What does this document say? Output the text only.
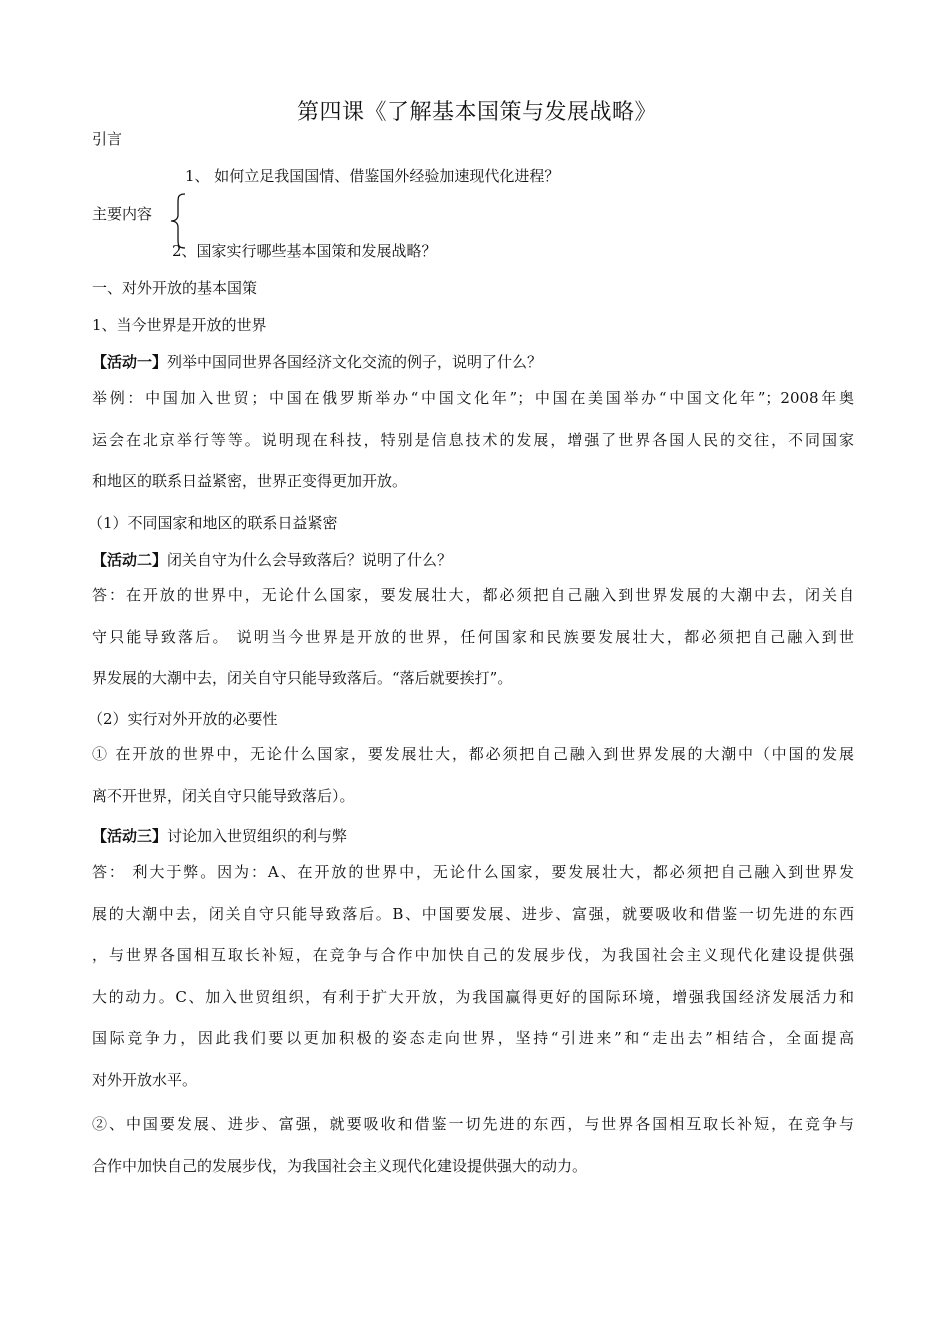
第四课《了解基本国策与发展战略》
引言
1、 如何立足我国国情、借鉴国外经验加速现代化进程？
主要内容
2、国家实行哪些基本国策和发展战略？
一、对外开放的基本国策
1、当今世界是开放的世界
【活动一】列举中国同世界各国经济文化交流的例子，说明了什么？
举例：中国加入世贸；中国在俄罗斯举办“中国文化年”；中国在美国举办“中国文化年”；2008年奥
运会在北京举行等等。说明现在科技，特别是信息技术的发展，增强了世界各国人民的交往，不同国家
和地区的联系日益紧密，世界正变得更加开放。
（1）不同国家和地区的联系日益紧密
【活动二】闭关自守为什么会导致落后？说明了什么？
答：在开放的世界中，无论什么国家，要发展壮大，都必须把自己融入到世界发展的大潮中去，闭关自
守只能导致落后。 说明当今世界是开放的世界，任何国家和民族要发展壮大，都必须把自己融入到世
界发展的大潮中去，闭关自守只能导致落后。“落后就要挨打”。
（2）实行对外开放的必要性
① 在开放的世界中，无论什么国家，要发展壮大，都必须把自己融入到世界发展的大潮中（中国的发展
离不开世界，闭关自守只能导致落后）。
【活动三】讨论加入世贸组织的利与弊
答： 利大于弊。因为：A、在开放的世界中，无论什么国家，要发展壮大，都必须把自己融入到世界发
展的大潮中去，闭关自守只能导致落后。B、中国要发展、进步、富强，就要吸收和借鉴一切先进的东西
，与世界各国相互取长补短，在竞争与合作中加快自己的发展步伐，为我国社会主义现代化建设提供强
大的动力。C、加入世贸组织，有利于扩大开放，为我国赢得更好的国际环境，增强我国经济发展活力和
国际竞争力，因此我们要以更加积极的姿态走向世界，坚持“引进来”和“走出去”相结合，全面提高
对外开放水平。
②、中国要发展、进步、富强，就要吸收和借鉴一切先进的东西，与世界各国相互取长补短，在竞争与
合作中加快自己的发展步伐，为我国社会主义现代化建设提供强大的动力。
